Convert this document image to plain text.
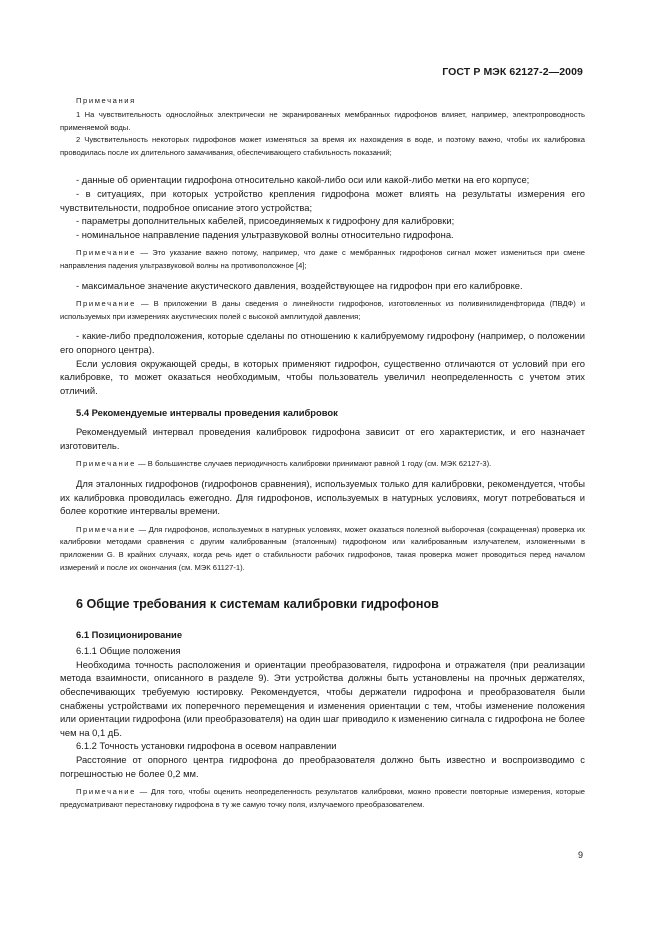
ГОСТ Р МЭК 62127-2—2009
Примечания
1 На чувствительность однослойных электрически не экранированных мембранных гидрофонов влияет, например, электропроводность применяемой воды.
2 Чувствительность некоторых гидрофонов может изменяться за время их нахождения в воде, и поэтому важно, чтобы их калибровка проводилась после их длительного замачивания, обеспечивающего стабильность показаний;
- данные об ориентации гидрофона относительно какой-либо оси или какой-либо метки на его корпусе;
- в ситуациях, при которых устройство крепления гидрофона может влиять на результаты измерения его чувствительности, подробное описание этого устройства;
- параметры дополнительных кабелей, присоединяемых к гидрофону для калибровки;
- номинальное направление падения ультразвуковой волны относительно гидрофона.
Примечание — Это указание важно потому, например, что даже с мембранных гидрофонов сигнал может измениться при смене направления падения ультразвуковой волны на противоположное [4];
- максимальное значение акустического давления, воздействующее на гидрофон при его калибровке.
Примечание — В приложении В даны сведения о линейности гидрофонов, изготовленных из поливинилиденфторида (ПВДФ) и используемых при измерениях акустических полей с высокой амплитудой давления;
- какие-либо предположения, которые сделаны по отношению к калибруемому гидрофону (например, о положении его опорного центра).
Если условия окружающей среды, в которых применяют гидрофон, существенно отличаются от условий при его калибровке, то может оказаться необходимым, чтобы пользователь увеличил неопределенность с учетом этих отличий.
5.4 Рекомендуемые интервалы проведения калибровок
Рекомендуемый интервал проведения калибровок гидрофона зависит от его характеристик, и его назначает изготовитель.
Примечание — В большинстве случаев периодичность калибровки принимают равной 1 году (см. МЭК 62127-3).
Для эталонных гидрофонов (гидрофонов сравнения), используемых только для калибровки, рекомендуется, чтобы их калибровка проводилась ежегодно. Для гидрофонов, используемых в натурных условиях, могут потребоваться и более короткие интервалы времени.
Примечание — Для гидрофонов, используемых в натурных условиях, может оказаться полезной выборочная (сокращенная) проверка их калибровки методами сравнения с другим калиброванным (эталонным) гидрофоном или калиброванным излучателем, изложенными в приложении G. В крайних случаях, когда речь идет о стабильности рабочих гидрофонов, такая проверка может проводиться перед началом измерений и после их окончания (см. МЭК 61127-1).
6 Общие требования к системам калибровки гидрофонов
6.1 Позиционирование
6.1.1 Общие положения
Необходима точность расположения и ориентации преобразователя, гидрофона и отражателя (при реализации метода взаимности, описанного в разделе 9). Эти устройства должны быть установлены на прочных держателях, обеспечивающих требуемую юстировку. Рекомендуется, чтобы держатели гидрофона и преобразователя были снабжены устройствами их поперечного перемещения и изменения ориентации с тем, чтобы изменение положения или ориентации гидрофона (или преобразователя) на один шаг приводило к изменению сигнала с гидрофона не более чем на 0,1 дБ.
6.1.2 Точность установки гидрофона в осевом направлении
Расстояние от опорного центра гидрофона до преобразователя должно быть известно и воспроизводимо с погрешностью не более 0,2 мм.
Примечание — Для того, чтобы оценить неопределенность результатов калибровки, можно провести повторные измерения, которые предусматривают перестановку гидрофона в ту же самую точку поля, излучаемого преобразователем.
9
